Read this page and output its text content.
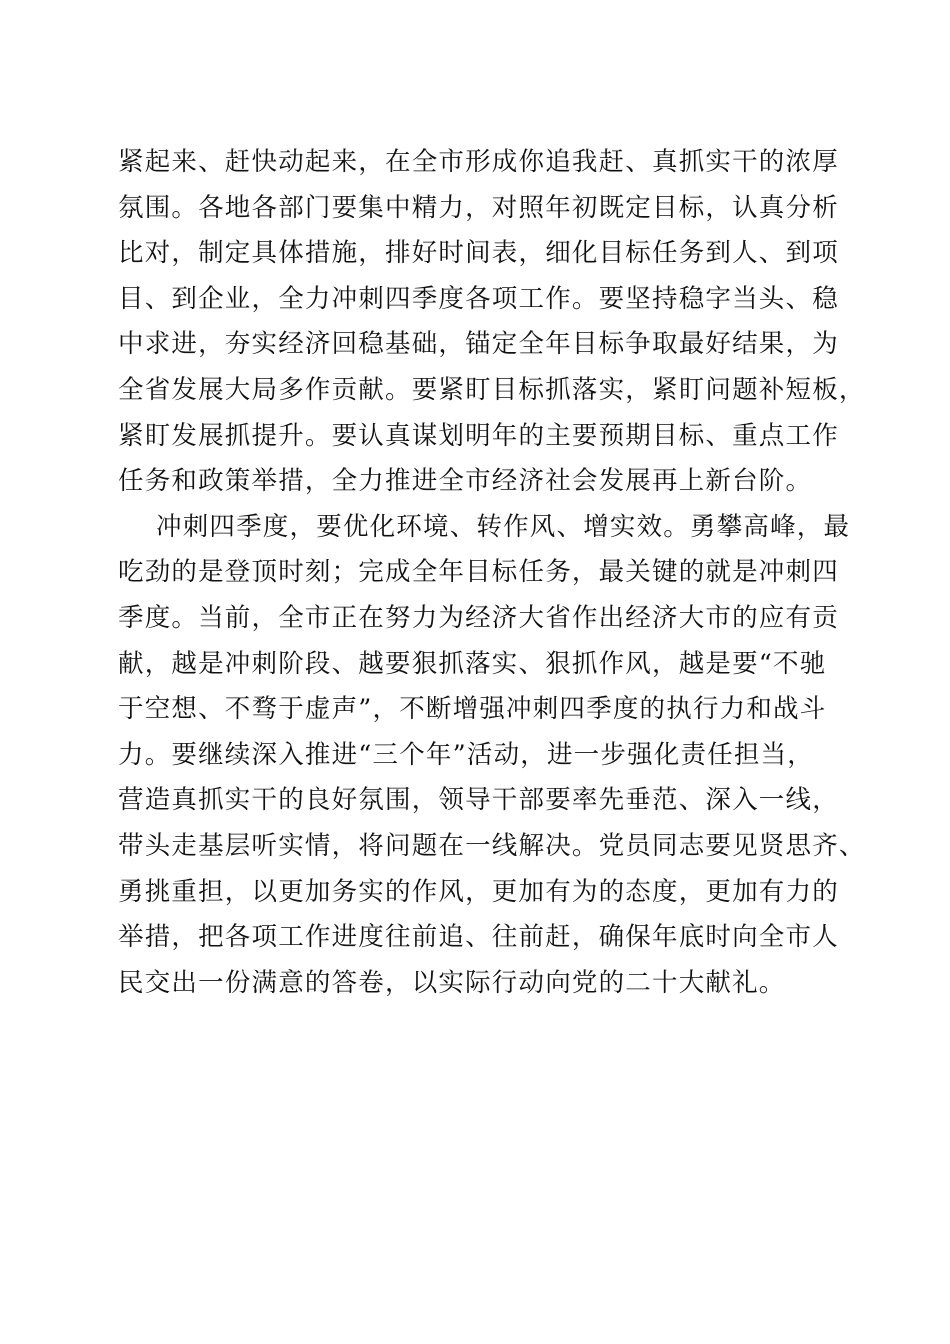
紧起来、赶快动起来，在全市形成你追我赶、真抓实干的浓厚
氛围。各地各部门要集中精力，对照年初既定目标，认真分析
比对，制定具体措施，排好时间表，细化目标任务到人、到项
目、到企业，全力冲刺四季度各项工作。要坚持稳字当头、稳
中求进，夯实经济回稳基础，锚定全年目标争取最好结果，为
全省发展大局多作贡献。要紧盯目标抓落实，紧盯问题补短板，
紧盯发展抓提升。要认真谋划明年的主要预期目标、重点工作
任务和政策举措，全力推进全市经济社会发展再上新台阶。
冲刺四季度，要优化环境、转作风、增实效。勇攀高峰，最
吃劲的是登顶时刻；完成全年目标任务，最关键的就是冲刺四
季度。当前，全市正在努力为经济大省作出经济大市的应有贡
献，越是冲刺阶段、越要狠抓落实、狠抓作风，越是要“不驰
于空想、不骛于虚声”，不断增强冲刺四季度的执行力和战斗
力。要继续深入推进“三个年”活动，进一步强化责任担当，
营造真抓实干的良好氛围，领导干部要率先垂范、深入一线，
带头走基层听实情，将问题在一线解决。党员同志要见贤思齐、
勇挑重担，以更加务实的作风，更加有为的态度，更加有力的
举措，把各项工作进度往前追、往前赶，确保年底时向全市人
民交出一份满意的答卷，以实际行动向党的二十大献礼。
